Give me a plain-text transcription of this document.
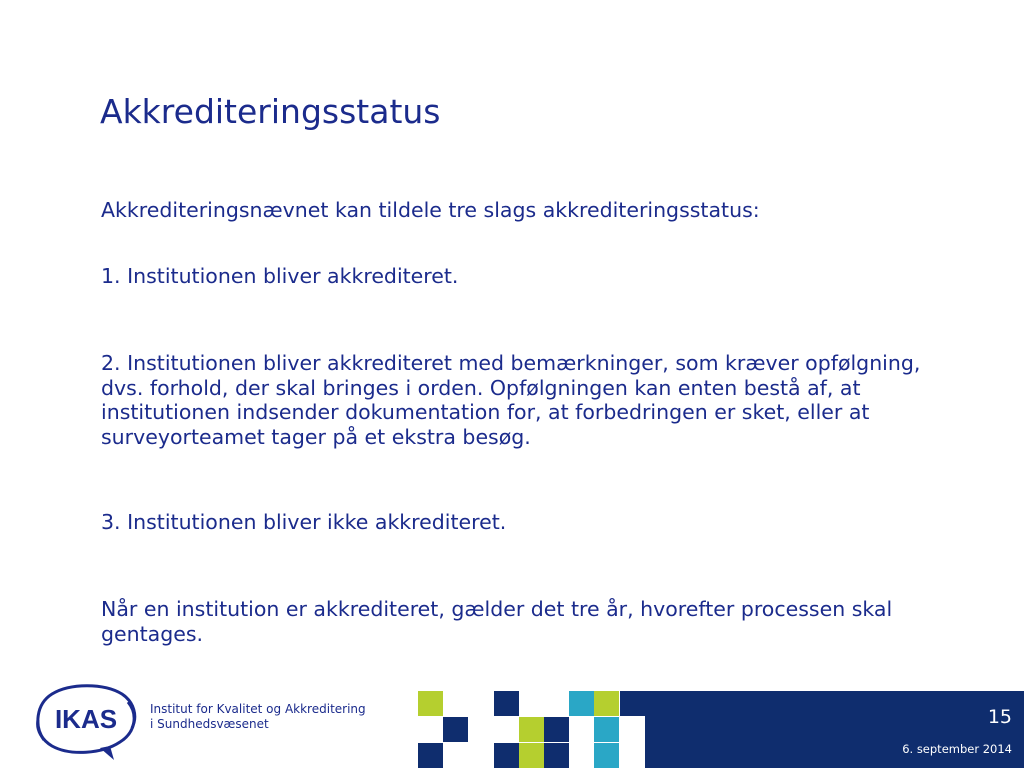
Akkrediteringsstatus
Akkrediteringsnævnet kan tildele tre slags akkrediteringsstatus:
1. Institutionen bliver akkrediteret.
2. Institutionen bliver akkrediteret med bemærkninger, som kræver opfølgning, dvs. forhold, der skal bringes i orden. Opfølgningen kan enten bestå af, at institutionen indsender dokumentation for, at forbedringen er sket, eller at surveyorteamet tager på et ekstra besøg.
3. Institutionen bliver ikke akkrediteret.
Når en institution er akkrediteret, gælder det tre år, hvorefter processen skal gentages.
IKAS	Institut for Kvalitet og Akkreditering
i Sundhedsvæsenet	15
6. september 2014
